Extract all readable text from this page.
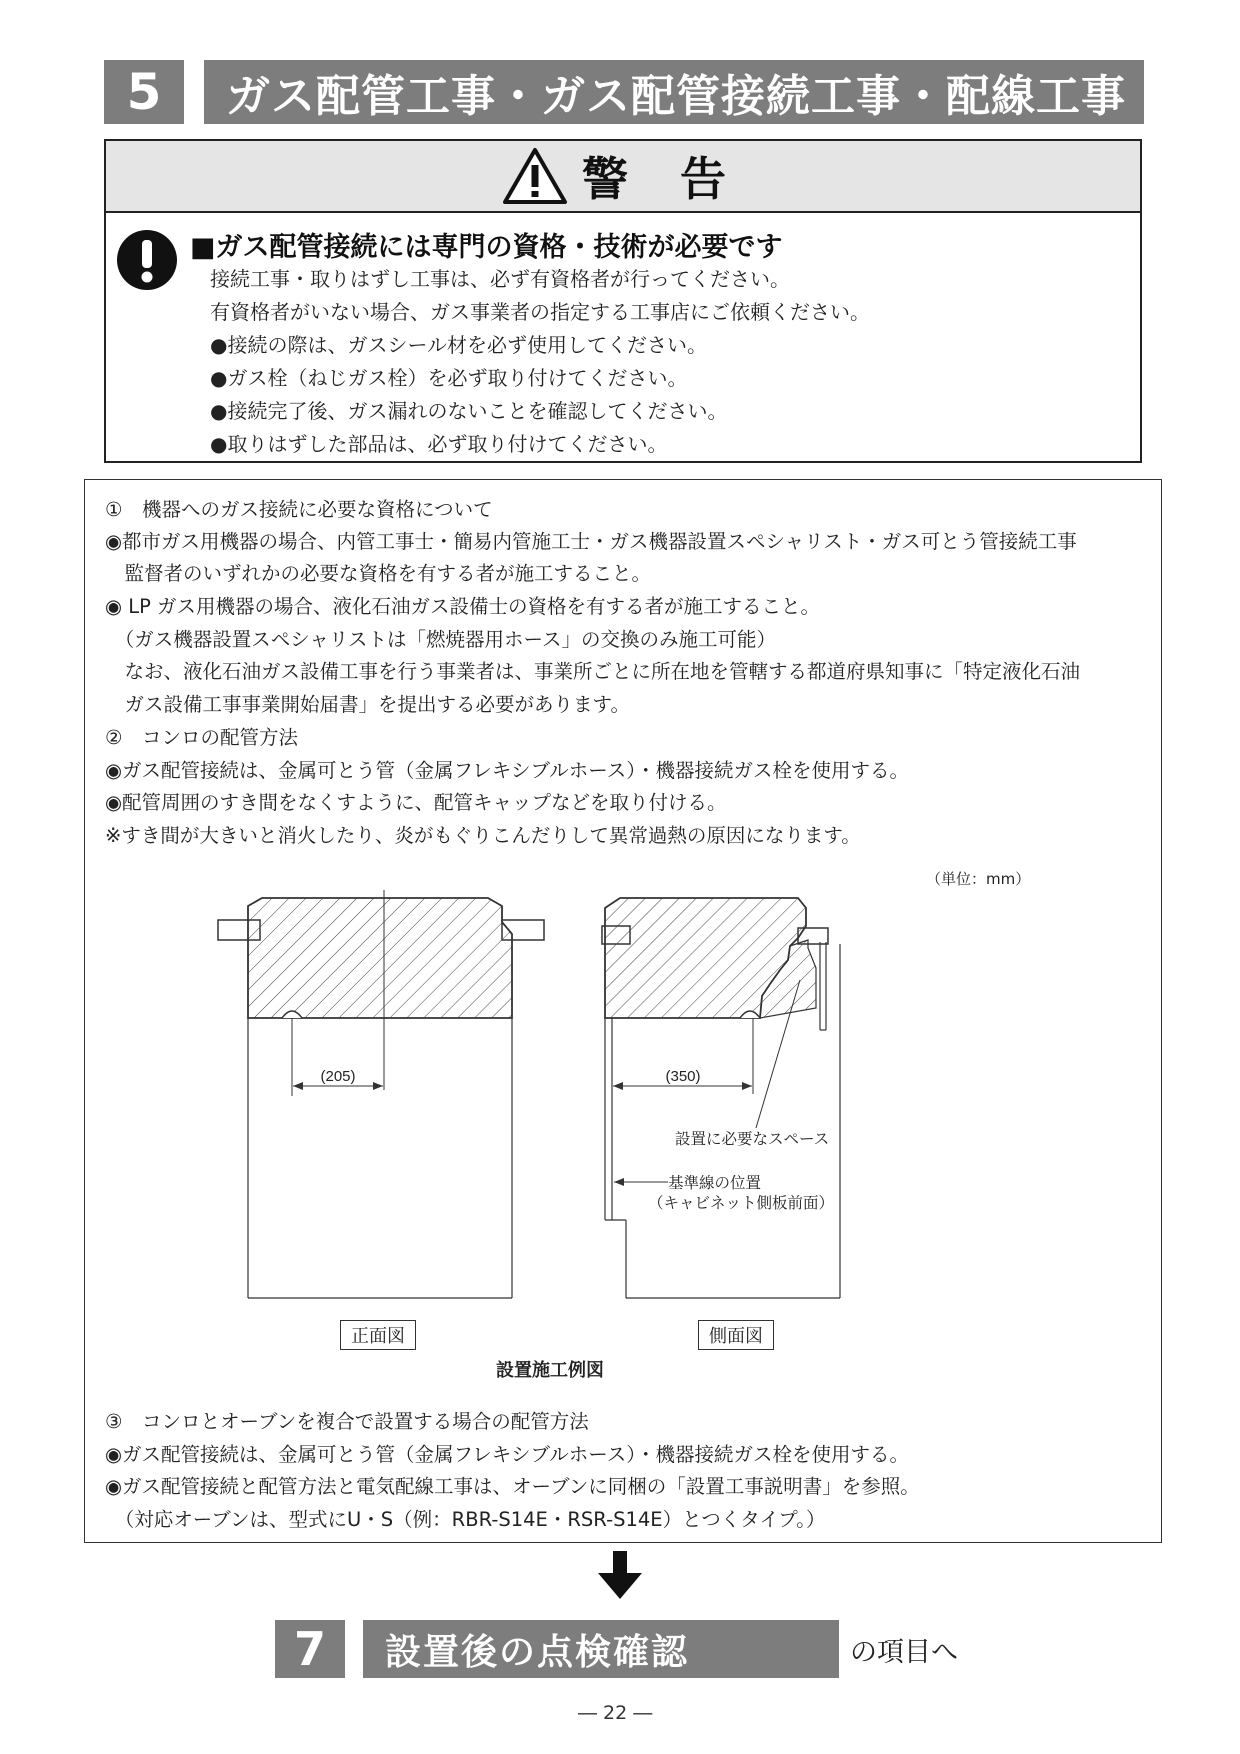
5	ガス配管工事・ガス配管接続工事・配線工事
警 告
■ガス配管接続には専門の資格・技術が必要です
接続工事・取りはずし工事は、必ず有資格者が行ってください。
有資格者がいない場合、ガス事業者の指定する工事店にご依頼ください。
●接続の際は、ガスシール材を必ず使用してください。
●ガス栓（ねじガス栓）を必ず取り付けてください。
●接続完了後、ガス漏れのないことを確認してください。
●取りはずした部品は、必ず取り付けてください。
①　機器へのガス接続に必要な資格について
◉都市ガス用機器の場合、内管工事士・簡易内管施工士・ガス機器設置スペシャリスト・ガス可とう管接続工事
　監督者のいずれかの必要な資格を有する者が施工すること。
◉ LP ガス用機器の場合、液化石油ガス設備士の資格を有する者が施工すること。
　（ガス機器設置スペシャリストは「燃焼器用ホース」の交換のみ施工可能）
　なお、液化石油ガス設備工事を行う事業者は、事業所ごとに所在地を管轄する都道府県知事に「特定液化石油
　ガス設備工事事業開始届書」を提出する必要があります。
②　コンロの配管方法
◉ガス配管接続は、金属可とう管（金属フレキシブルホース）・機器接続ガス栓を使用する。
◉配管周囲のすき間をなくすように、配管キャップなどを取り付ける。
※すき間が大きいと消火したり、炎がもぐりこんだりして異常過熱の原因になります。
③　コンロとオーブンを複合で設置する場合の配管方法
◉ガス配管接続は、金属可とう管（金属フレキシブルホース）・機器接続ガス栓を使用する。
◉ガス配管接続と配管方法と電気配線工事は、オーブンに同梱の「設置工事説明書」を参照。
　（対応オーブンは、型式にU・S（例：RBR-S14E・RSR-S14E）とつくタイプ。）
（単位：mm）
(205)	(350)
設置に必要なスペース
基準線の位置
（キャビネット側板前面）
正面図	側面図
設置施工例図
7	設置後の点検確認	の項目へ
― 22 ―
